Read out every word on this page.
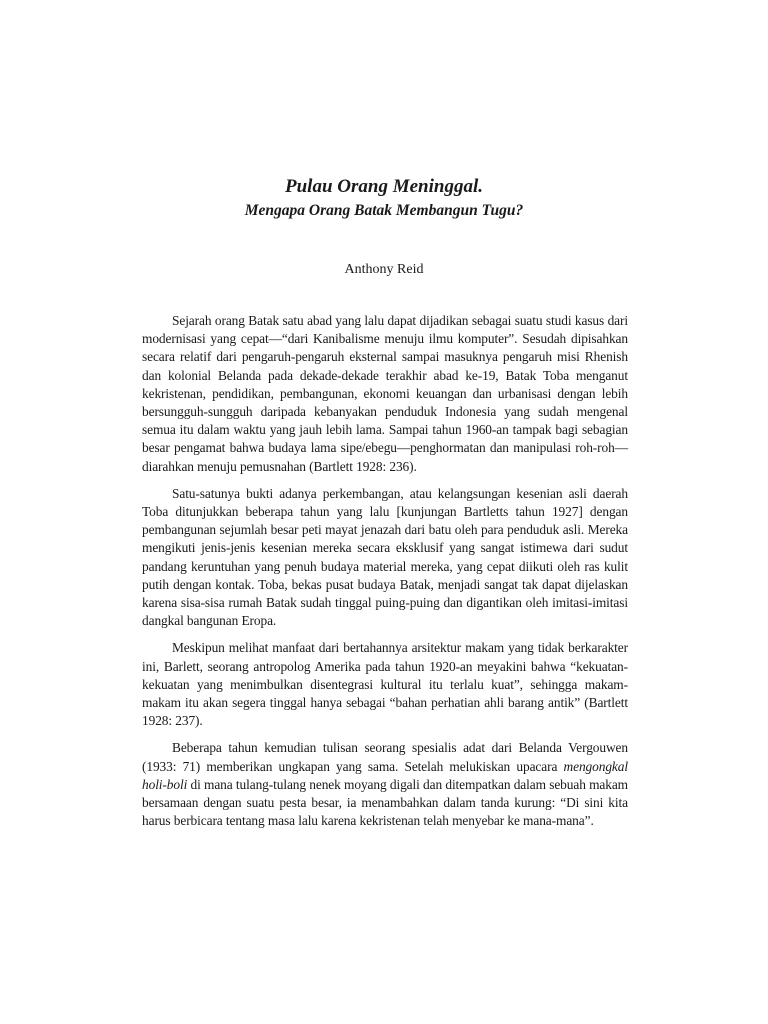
Pulau Orang Meninggal.
Mengapa Orang Batak Membangun Tugu?

Anthony Reid

Sejarah orang Batak satu abad yang lalu dapat dijadikan sebagai suatu studi kasus dari modernisasi yang cepat—“dari Kanibalisme menuju ilmu komputer”. Sesudah dipisahkan secara relatif dari pengaruh-pengaruh eksternal sampai masuknya pengaruh misi Rhenish dan kolonial Belanda pada dekade-dekade terakhir abad ke-19, Batak Toba menganut kekristenan, pendidikan, pembangunan, ekonomi keuangan dan urbanisasi dengan lebih bersungguh-sungguh daripada kebanyakan penduduk Indonesia yang sudah mengenal semua itu dalam waktu yang jauh lebih lama. Sampai tahun 1960-an tampak bagi sebagian besar pengamat bahwa budaya lama sipe/ebegu—penghormatan dan manipulasi roh-roh—diarahkan menuju pemusnahan (Bartlett 1928: 236).

Satu-satunya bukti adanya perkembangan, atau kelangsungan kesenian asli daerah Toba ditunjukkan beberapa tahun yang lalu [kunjungan Bartletts tahun 1927] dengan pembangunan sejumlah besar peti mayat jenazah dari batu oleh para penduduk asli. Mereka mengikuti jenis-jenis kesenian mereka secara eksklusif yang sangat istimewa dari sudut pandang keruntuhan yang penuh budaya material mereka, yang cepat diikuti oleh ras kulit putih dengan kontak. Toba, bekas pusat budaya Batak, menjadi sangat tak dapat dijelaskan karena sisa-sisa rumah Batak sudah tinggal puing-puing dan digantikan oleh imitasi-imitasi dangkal bangunan Eropa.

Meskipun melihat manfaat dari bertahannya arsitektur makam yang tidak berkarakter ini, Barlett, seorang antropolog Amerika pada tahun 1920-an meyakini bahwa “kekuatan-kekuatan yang menimbulkan disentegrasi kultural itu terlalu kuat”, sehingga makam-makam itu akan segera tinggal hanya sebagai “bahan perhatian ahli barang antik” (Bartlett 1928: 237).

Beberapa tahun kemudian tulisan seorang spesialis adat dari Belanda Vergouwen (1933: 71) memberikan ungkapan yang sama. Setelah melukiskan upacara mengongkal holi-boli di mana tulang-tulang nenek moyang digali dan ditempatkan dalam sebuah makam bersamaan dengan suatu pesta besar, ia menambahkan dalam tanda kurung: “Di sini kita harus berbicara tentang masa lalu karena kekristenan telah menyebar ke mana-mana”.
